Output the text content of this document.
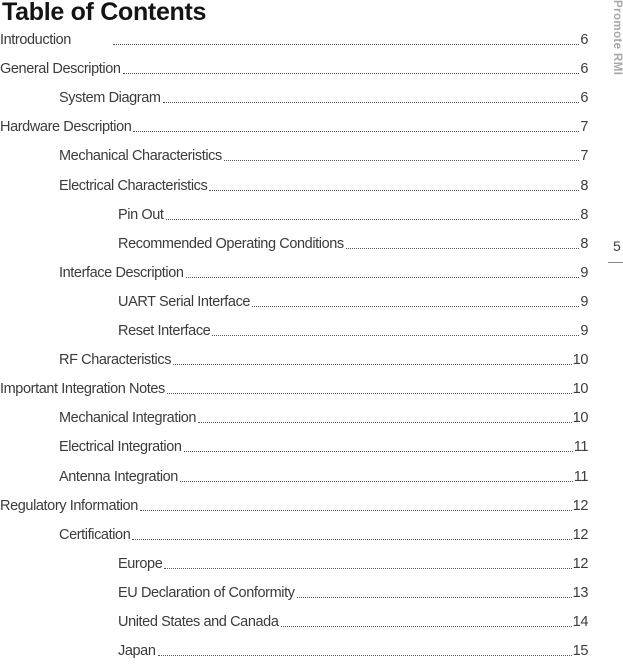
Table of Contents
Introduction	6
General Description	6
System Diagram	6
Hardware Description	7
Mechanical Characteristics	7
Electrical Characteristics	8
Pin Out	8
Recommended Operating Conditions	8
Interface Description	9
UART Serial Interface	9
Reset Interface	9
RF Characteristics	10
Important Integration Notes	10
Mechanical Integration	10
Electrical Integration	11
Antenna Integration	11
Regulatory Information	12
Certification	12
Europe	12
EU Declaration of Conformity	13
United States and Canada	14
Japan	15
Promote RMI
5
